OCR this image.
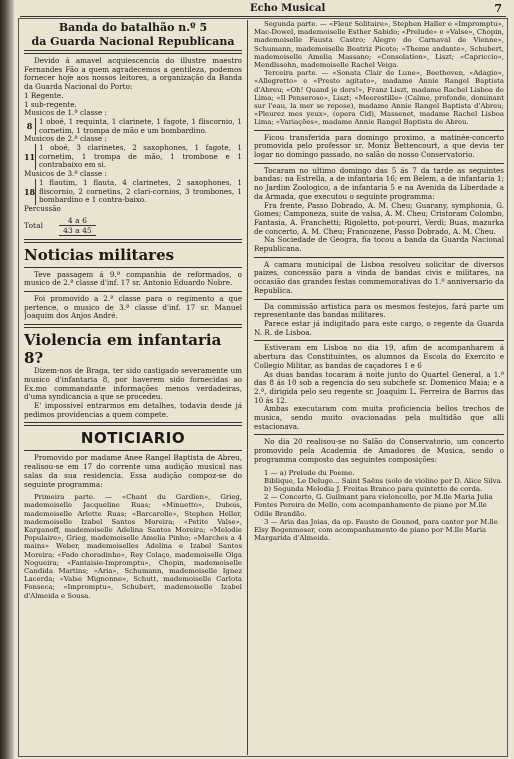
Echo Musical	7

Banda do batalhão n.º 5

da Guarda Nacional Republicana

Devido á amavel acquiescencia do illustre maestro Fernandes Fão a quem agradecemos a gentileza, podemos fornecer hoje aos nossos leitores, a organização da Banda da Guarda Nacional do Porto:

1 Regente.

1 sub-regente.

Musicos de 1.ª classe :

8 1 oboé, 1 requinta, 1 clarinete, 1 fagote, 1 fliscornio, 1 cornetim, 1 trompa de mão e um bombardino.

Musicos de 2.ª classe :

11
1 oboé, 3 clarinetes, 2 saxophones, 1 fagote, 1 cornetim, 1 trompa de mão, 1 trombone e 1 contrabaixo em si.

Musicos de 3.ª classe :

18
1 flautim, 1 flauta, 4 clarinetes, 2 saxophones, 1 fliscornio, 2 cornetins, 2 clari-cornios, 3 trombones, 1 bombardino e 1 contra-baixo.

Percussão

Total $\frac{4 a 6}{43 a 45}$

Noticias militares

Teve passagem á 9.ª companhia de reformados, o musico de 2.ª classe d'inf. 17 sr. Antonio Eduardo Nobre.

Foi promovido a 2.ª classe para o regimento a que pertence, o musico de 3.ª classe d'inf. 17 sr. Manuel Joaquim dos Anjos André.

Violencia em infantaria 8?

Dizem-nos de Braga, ter sido castigado severamente um musico d'infantaria 8, por haverem sido fornecidas ao Ex.mo commandante informações menos verdadeiras, d'uma syndicancia a que se procedeu.

E' impossivel entrarmos em detalhes, todavia desde já pedimos providencias a quem compete.

NOTICIARIO

Promovido por madame Anee Rangel Baptista de Abreu, realisou-se em 17 do corrente uma audição musical nas salas da sua residencia. Essa audição compoz-se do seguinte programma:

Primeira parte. — «Chant du Gardien», Grieg, mademoiselle Jacqueline Ruas; «Minuetto», Dubois, mademoiselle Arlette Ruas; «Barcarolle», Stephen Heller, mademoiselle Izabel Santos Moreira; «Petite Valse», Karganoff, mademoiselle Adelina Santos Moreira; «Melodie Populaire», Grieg, mademoiselle Amelia Pinho; «Marches a 4 mains» Weber, mademoiselles Adelina e Izabel Santos Moreira; «Fado choradinho», Rey Colaço, mademoiselle Olga Nogueira; «Fantaisie-Impromptu», Chopin, mademoiselle Candida Martins; «Aria», Schumann, mademoiselle Ignez Lacerda; «Valse Mignonne», Schutt, mademoiselle Carlota Fonseca; «Impromptu», Schubert, mademoiselle Izabel d'Almeida e Sousa.

Segunda parte. — «Fleur Solitaire», Stephen Haller e «Impromptu», Mac-Dowel, mademoiselle Esther Sabido; «Prelude» e «Valse», Chopin, mademoiselle Fausta Castro; Alegro do Carnaval de Vienne», Schumann, mademoiselle Beatriz Picoto; «Theme andante», Schubert, mademoiselle Amelia Massano; «Consolation», Liszt; «Capriccio», Mendlssohn, mademoiselle Rachel Veiga.

Terceira parte. — «Sonata Clair de Lune», Beethoven, «Adagio», «Allegretto» e «Presto agitato», madame Annie Rangel Baptista d'Abreu; «Oh! Quand je dors!», Franz Liszt, madame Rachel Lisboa de Lima; «Il Penseroso», Liszt; «Meerestille» (Calme, profonde, dominant sur l'eau, la mer se repose), madame Annie Rangel Baptista d'Abreu; «Pleurez mes yeux», (opera Cid), Massenet, madame Rachel Lisboa Lima; «Variações», madame Annie Rangel Baptista de Abreu.

Ficou transferida para domingo proximo, a matinée-concerto promovida pelo professor sr. Moniz Bettencourt, a que devia ter logar no domingo passado, no salão do nosso Conservatorio.

Tocaram no ultimo domingo das 5 ás 7 da tarde as seguintes bandas: na Estrella, a de infantaria 16; em Belem, a de infantaria 1; no Jardim Zoologico, a de infantaria 5 e na Avenida da Liberdade a da Armada, que executou o seguinte programma:

Fra frente, Passo Dobrado, A. M. Cheu; Guarany, symphonia, G. Gomes; Camponeza, suite de valsa, A. M. Cheu; Cristoram Colombo, Fantasia, A. Franchetti; Rigoletto, pot-pourri, Verdi; Buas, mazurka de concerto, A. M. Cheu; Francozene, Passo Dobrado, A. M. Cheu.

Na Sociedade de Geogra, fia tocou a banda da Guarda Nacional Republicana.

A camara municipal de Lisboa resolveu solicitar de diversos paizes, concessão para a vinda de bandas civis e militares, na occasião das grandes festas commemorativas do 1.º anniversario da Republica.

Da commissão artistica para os mesmos festejos, fará parte um representante das bandas militares.

Parece estar já indigitado para este cargo, o regente da Guarda N. R. de Lisboa.

Estiveram em Lisboa no dia 19, afim de acompanharem á abertura das Constituintes, os alumnos da Escola do Exercito e Collegio Militar, as bandas de caçadores 1 e 6

As duas bandas tocaram á noite junto do Quartel General, a 1.ª das 8 ás 10 sob a regencia do seu subchefe sr. Domenico Maia; e a 2.ª, dirigida pelo seu regente sr. Joaquim L. Ferreira de Barros das 10 ás 12.

Ambas executaram com muita proficiencia bellos trechos de musica, sendo muito ovacionadas pela multidão que alli estacionava.

No dia 20 realisou-se no Salão do Conservatorio, um concerto promovido pela Academia de Amadores de Musica, sendo o programma composto das seguintes composições:

1 — a) Prelude du Poeme.

Biblique, Le Deluge... Saint Saëns (solo de violino por D. Alice Silva.

b) Segunda Melodia J. Freitas Branco para quintetto de corda.

2 — Concerto, G. Guilmant para violoncello, por M.lle Maria Julia Fontes Pereira de Mello, com acompanhamento de piano por M.lle Odile Brandão.

3 — Aria das Joias, da op. Fausto de Gounod, para cantor por M.lle Elsy Bogenmoser, com acompanhamento de piano por M.lle Maria Margarida d'Almeida.
